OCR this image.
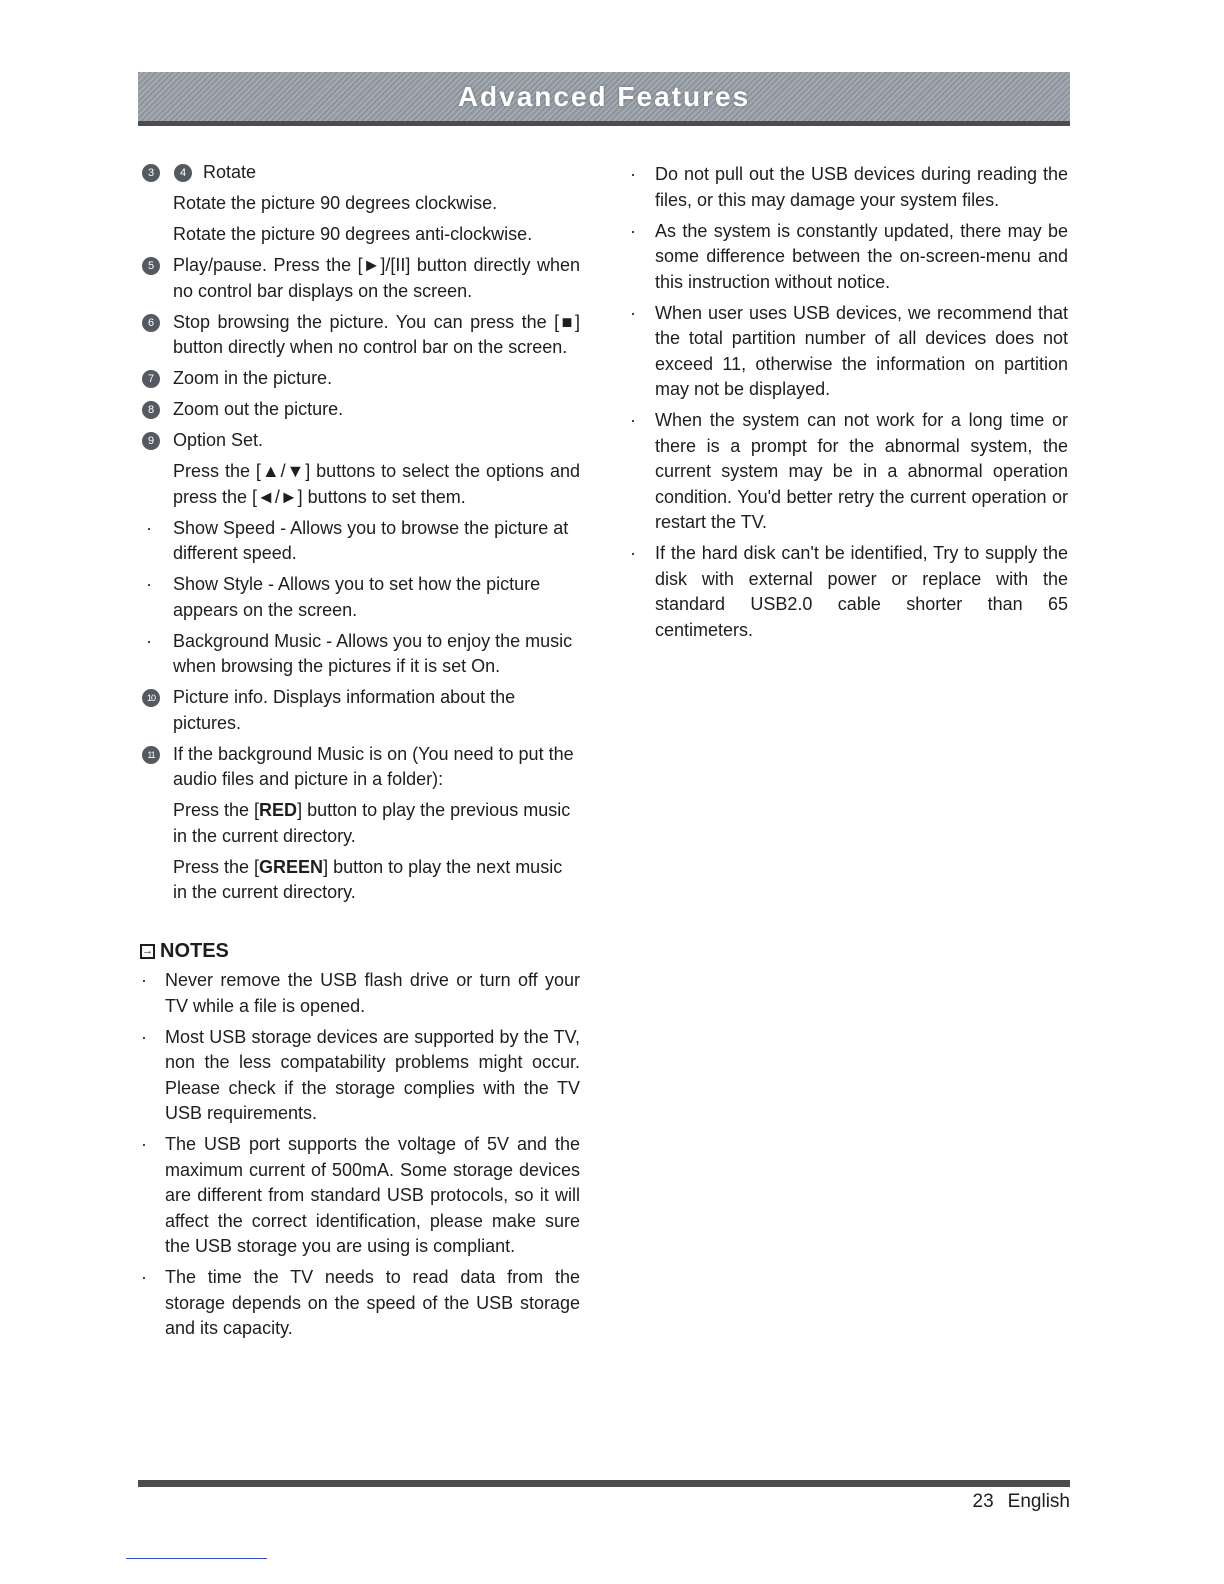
Advanced Features
3	4 Rotate

Rotate the picture 90 degrees clockwise.

Rotate the picture 90 degrees anti-clockwise.

5	Play/pause. Press the [►]/[II] button directly when no control bar displays on the screen.

6	Stop browsing the picture. You can press the [■] button directly when no control bar on the screen.

7	Zoom in the picture.

8	Zoom out the picture.

9	Option Set.

Press the [▲/▼] buttons to select the options and press the [◄/►] buttons to set them.

· Show Speed - Allows you to browse the picture at different speed.

· Show Style - Allows you to set how the picture appears on the screen.

· Background Music - Allows you to enjoy the music when browsing the pictures if it is set On.

10 Picture info. Displays information about the pictures.

11 If the background Music is on (You need to put the audio files and picture in a folder):

Press the [RED] button to play the previous music in the current directory.

Press the [GREEN] button to play the next music in the current directory.

→ NOTES
· Never remove the USB flash drive or turn off your TV while a file is opened.

· Most USB storage devices are supported by the TV, non the less compatability problems might occur. Please check if the storage complies with the TV USB requirements.

· The USB port supports the voltage of 5V and the maximum current of 500mA. Some storage devices are different from standard USB protocols, so it will affect the correct identification, please make sure the USB storage you are using is compliant.

· The time the TV needs to read data from the storage depends on the speed of the USB storage and its capacity.

· Do not pull out the USB devices during reading the files, or this may damage your system files.

· As the system is constantly updated, there may be some difference between the on-screen-menu and this instruction without notice.

· When user uses USB devices, we recommend that the total partition number of all devices does not exceed 11, otherwise the information on partition may not be displayed.

· When the system can not work for a long time or there is a prompt for the abnormal system, the current system may be in a abnormal operation condition. You'd better retry the current operation or restart the TV.

· If the hard disk can't be identified, Try to supply the disk with external power or replace with the standard USB2.0 cable shorter than 65 centimeters.

23 English
